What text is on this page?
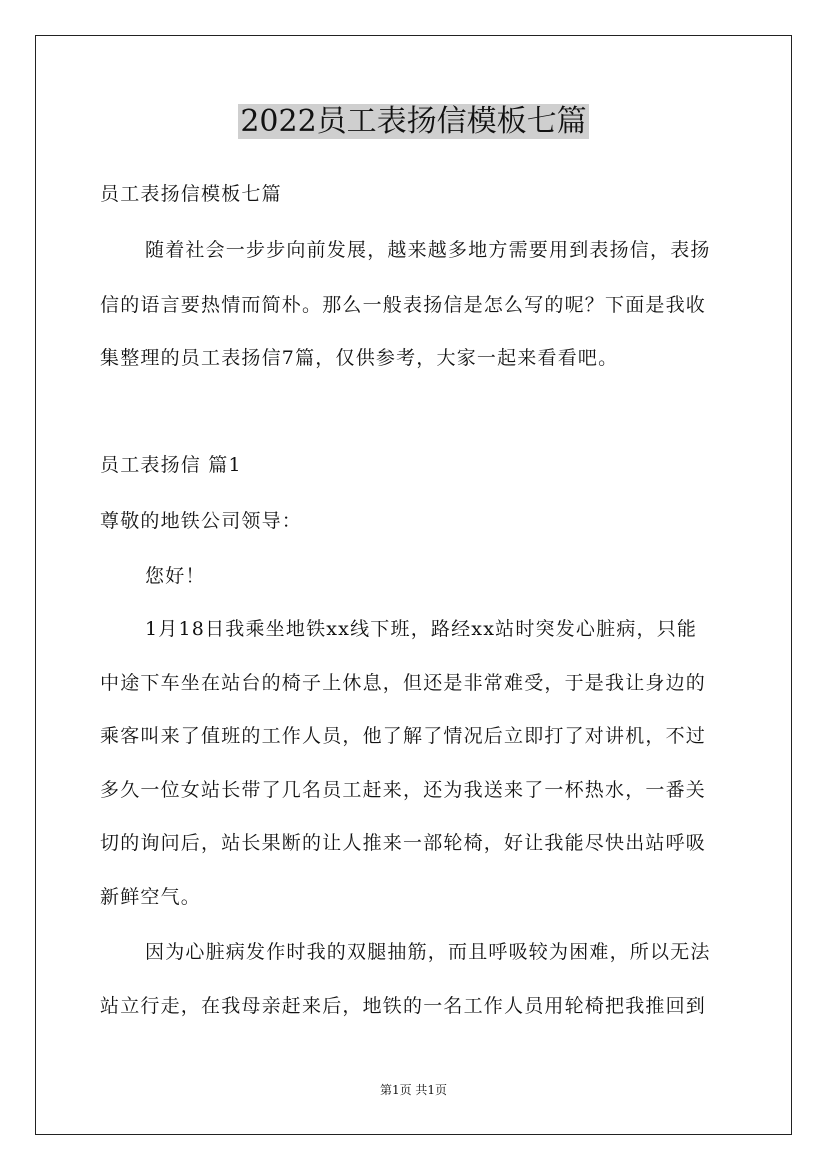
2022员工表扬信模板七篇
员工表扬信模板七篇
随着社会一步步向前发展，越来越多地方需要用到表扬信，表扬
信的语言要热情而简朴。那么一般表扬信是怎么写的呢？下面是我收
集整理的员工表扬信7篇，仅供参考，大家一起来看看吧。
员工表扬信 篇1
尊敬的地铁公司领导：
您好！
1月18日我乘坐地铁xx线下班，路经xx站时突发心脏病，只能
中途下车坐在站台的椅子上休息，但还是非常难受，于是我让身边的
乘客叫来了值班的工作人员，他了解了情况后立即打了对讲机，不过
多久一位女站长带了几名员工赶来，还为我送来了一杯热水，一番关
切的询问后，站长果断的让人推来一部轮椅，好让我能尽快出站呼吸
新鲜空气。
因为心脏病发作时我的双腿抽筋，而且呼吸较为困难，所以无法
站立行走，在我母亲赶来后，地铁的一名工作人员用轮椅把我推回到
第1页 共1页
